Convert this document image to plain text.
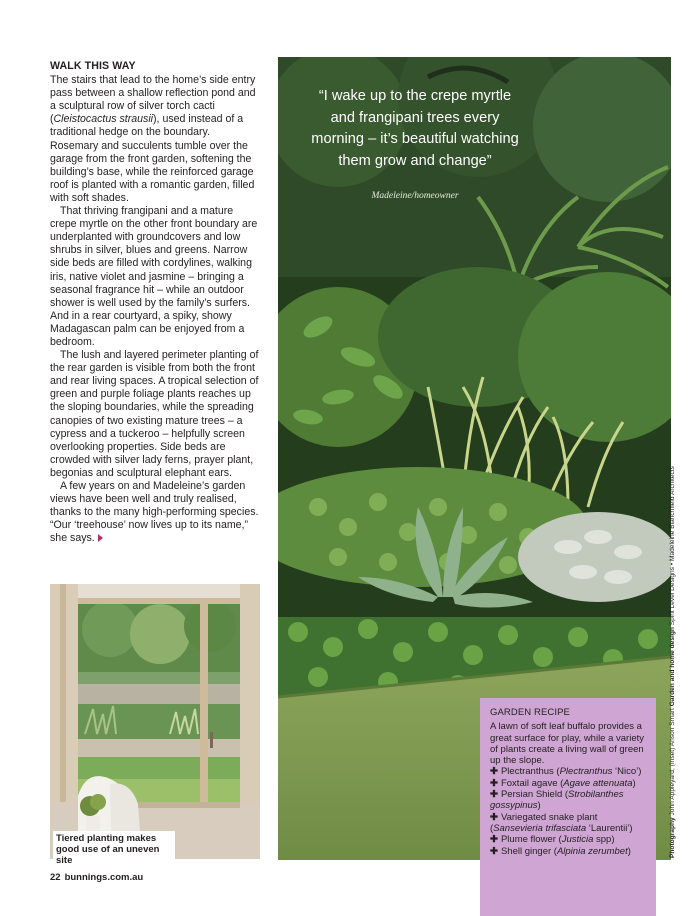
WALK THIS WAY

The stairs that lead to the home’s side entry pass between a shallow reflection pond and a sculptural row of silver torch cacti (Cleistocactus strausii), used instead of a traditional hedge on the boundary. Rosemary and succulents tumble over the garage from the front garden, softening the building’s base, while the reinforced garage roof is planted with a romantic garden, filled with soft shades.

That thriving frangipani and a mature crepe myrtle on the other front boundary are underplanted with groundcovers and low shrubs in silver, blues and greens. Narrow side beds are filled with cordylines, walking iris, native violet and jasmine – bringing a seasonal fragrance hit – while an outdoor shower is well used by the family’s surfers. And in a rear courtyard, a spiky, showy Madagascan palm can be enjoyed from a bedroom.

The lush and layered perimeter planting of the rear garden is visible from both the front and rear living spaces. A tropical selection of green and purple foliage plants reaches up the sloping boundaries, while the spreading canopies of two existing mature trees – a cypress and a tuckeroo – helpfully screen overlooking properties. Side beds are crowded with silver lady ferns, prayer plant, begonias and sculptural elephant ears.

A few years on and Madeleine’s garden views have been well and truly realised, thanks to the many high-performing species. “Our ‘treehouse’ now lives up to its name,” she says.

Tiered planting makes good use of an uneven site
“I wake up to the crepe myrtle and frangipani trees every morning – it’s beautiful watching them grow and change”
Madeleine/homeowner
GARDEN RECIPE

A lawn of soft leaf buffalo provides a great surface for play, while a variety of plants create a living wall of green up the slope.

✚ Plectranthus (Plectranthus ‘Nico’)
✚ Foxtail agave (Agave attenuata)
✚ Persian Shield (Strobilanthes gossypinus)
✚ Variegated snake plant (Sansevieria trifasciata ‘Laurentii’)
✚ Plume flower (Justicia spp)
✚ Shell ginger (Alpinia zerumbet)	Photography John Appleyard; (Inset) Anson Smart Garden and home design Spirit Level Designs • Madeleine Blanchfield Architects
22 bunnings.com.au
